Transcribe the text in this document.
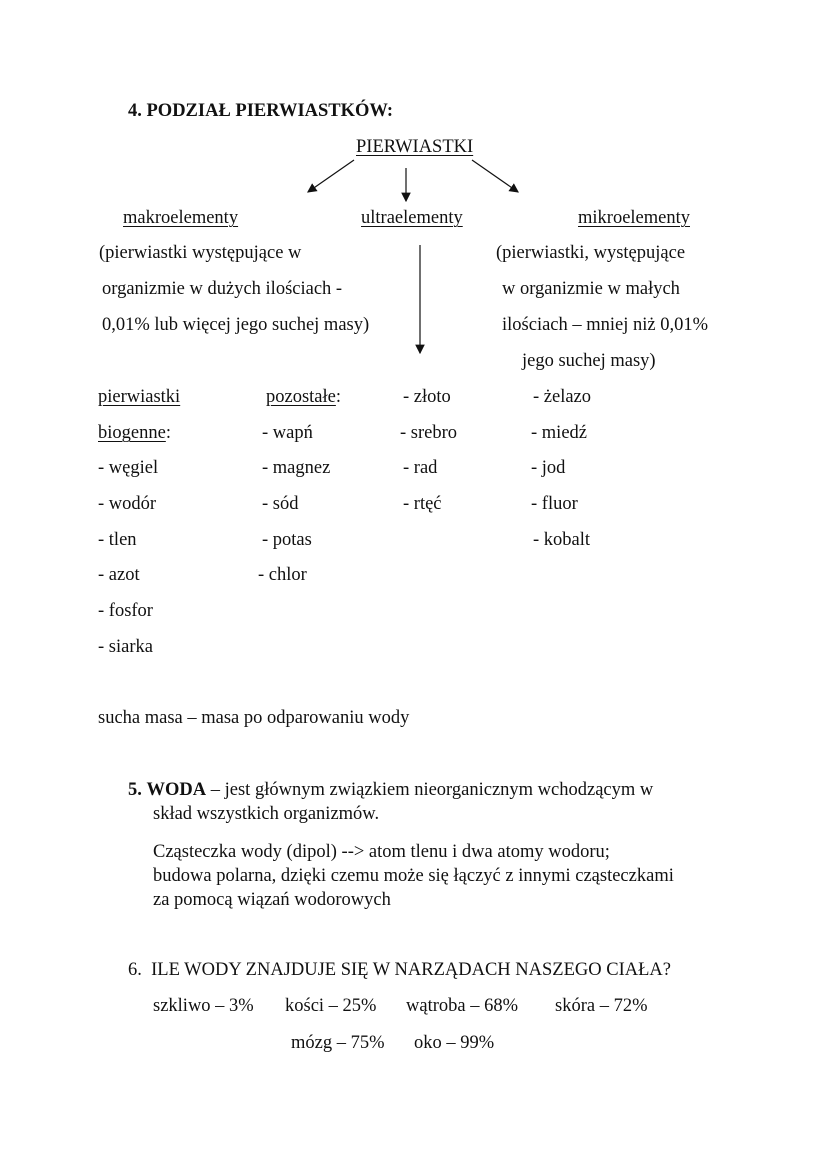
4. PODZIAŁ PIERWIASTKÓW:
PIERWIASTKI
makroelementy	ultraelementy	mikroelementy
(pierwiastki występujące w
organizmie w dużych ilościach -
0,01% lub więcej jego suchej masy)
(pierwiastki, występujące
w organizmie w małych
ilościach – mniej niż 0,01%
jego suchej masy)
pierwiastki
biogenne:
- węgiel
- wodór
- tlen
- azot
- fosfor
- siarka
pozostałe:
- wapń
- magnez
- sód
- potas
- chlor
- złoto
- srebro
- rad
- rtęć
- żelazo
- miedź
- jod
- fluor
- kobalt
sucha masa – masa po odparowaniu wody
5. WODA – jest głównym związkiem nieorganicznym wchodzącym w
skład wszystkich organizmów.
Cząsteczka wody (dipol) --> atom tlenu i dwa atomy wodoru;
budowa polarna, dzięki czemu może się łączyć z innymi cząsteczkami
za pomocą wiązań wodorowych
6. ILE WODY ZNAJDUJE SIĘ W NARZĄDACH NASZEGO CIAŁA?
szkliwo – 3% kości – 25% wątroba – 68% skóra – 72%
mózg – 75% oko – 99%
